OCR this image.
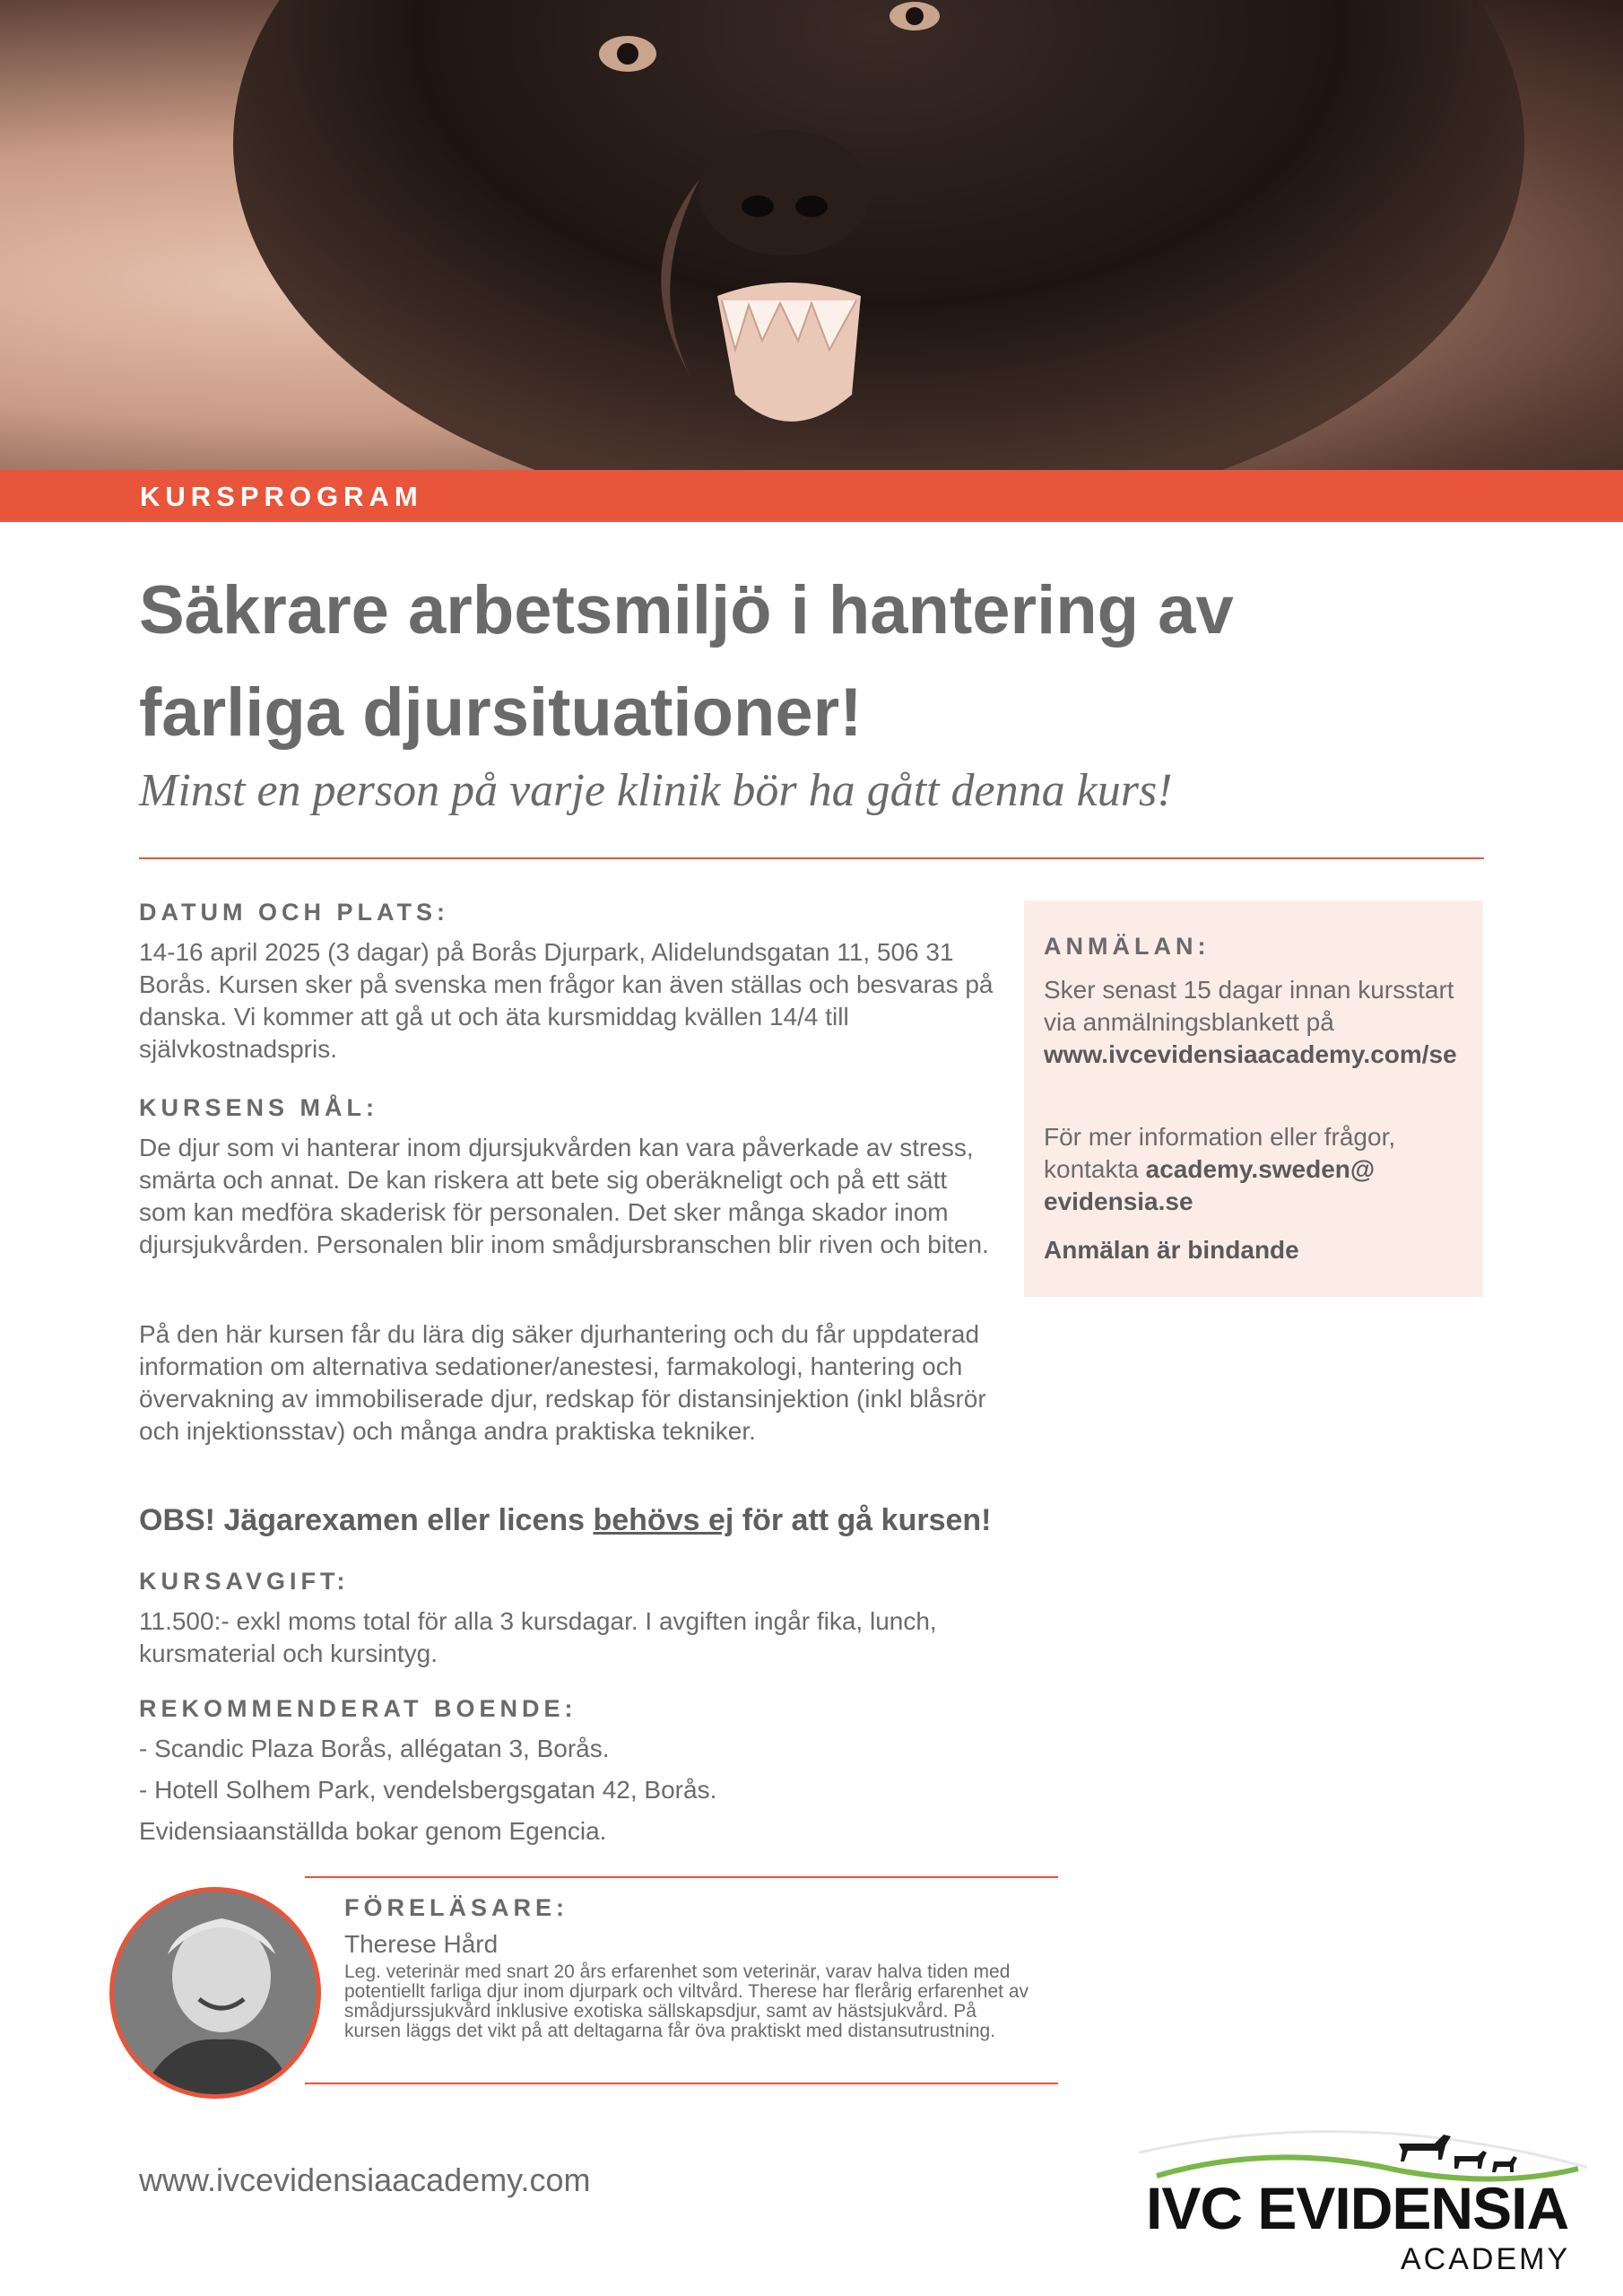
KURSPROGRAM
Säkrare arbetsmiljö i hantering av farliga djursituationer!
Minst en person på varje klinik bör ha gått denna kurs!
DATUM OCH PLATS:
14-16 april 2025 (3 dagar) på Borås Djurpark, Alidelundsgatan 11, 506 31 Borås. Kursen sker på svenska men frågor kan även ställas och besvaras på danska. Vi kommer att gå ut och äta kursmiddag kvällen 14/4 till självkostnadspris.
KURSENS MÅL:
De djur som vi hanterar inom djursjukvården kan vara påverkade av stress, smärta och annat. De kan riskera att bete sig oberäkneligt och på ett sätt som kan medföra skaderisk för personalen. Det sker många skador inom djursjukvården. Personalen blir inom smådjursbranschen blir riven och biten.
På den här kursen får du lära dig säker djurhantering och du får uppdaterad information om alternativa sedationer/anestesi, farmakologi, hantering och övervakning av immobiliserade djur, redskap för distansinjektion (inkl blåsrör och injektionsstav) och många andra praktiska tekniker.
OBS! Jägarexamen eller licens behövs ej för att gå kursen!
KURSAVGIFT:
11.500:- exkl moms total för alla 3 kursdagar. I avgiften ingår fika, lunch, kursmaterial och kursintyg.
REKOMMENDERAT BOENDE:
- Scandic Plaza Borås, allégatan 3, Borås.
- Hotell Solhem Park, vendelsbergsgatan 42, Borås.
Evidensiaanställda bokar genom Egencia.
ANMÄLAN:
Sker senast 15 dagar innan kursstart via anmälningsblankett på
www.ivcevidensiaacademy.com/se
För mer information eller frågor, kontakta academy.sweden@ evidensia.se
Anmälan är bindande
FÖRELÄSARE:
Therese Hård
Leg. veterinär med snart 20 års erfarenhet som veterinär, varav halva tiden med potentiellt farliga djur inom djurpark och viltvård. Therese har flerårig erfarenhet av smådjurssjukvård inklusive exotiska sällskapsdjur, samt av hästsjukvård. På kursen läggs det vikt på att deltagarna får öva praktiskt med distansutrustning.
www.ivcevidensiaacademy.com	IVC EVIDENSIA
ACADEMY
